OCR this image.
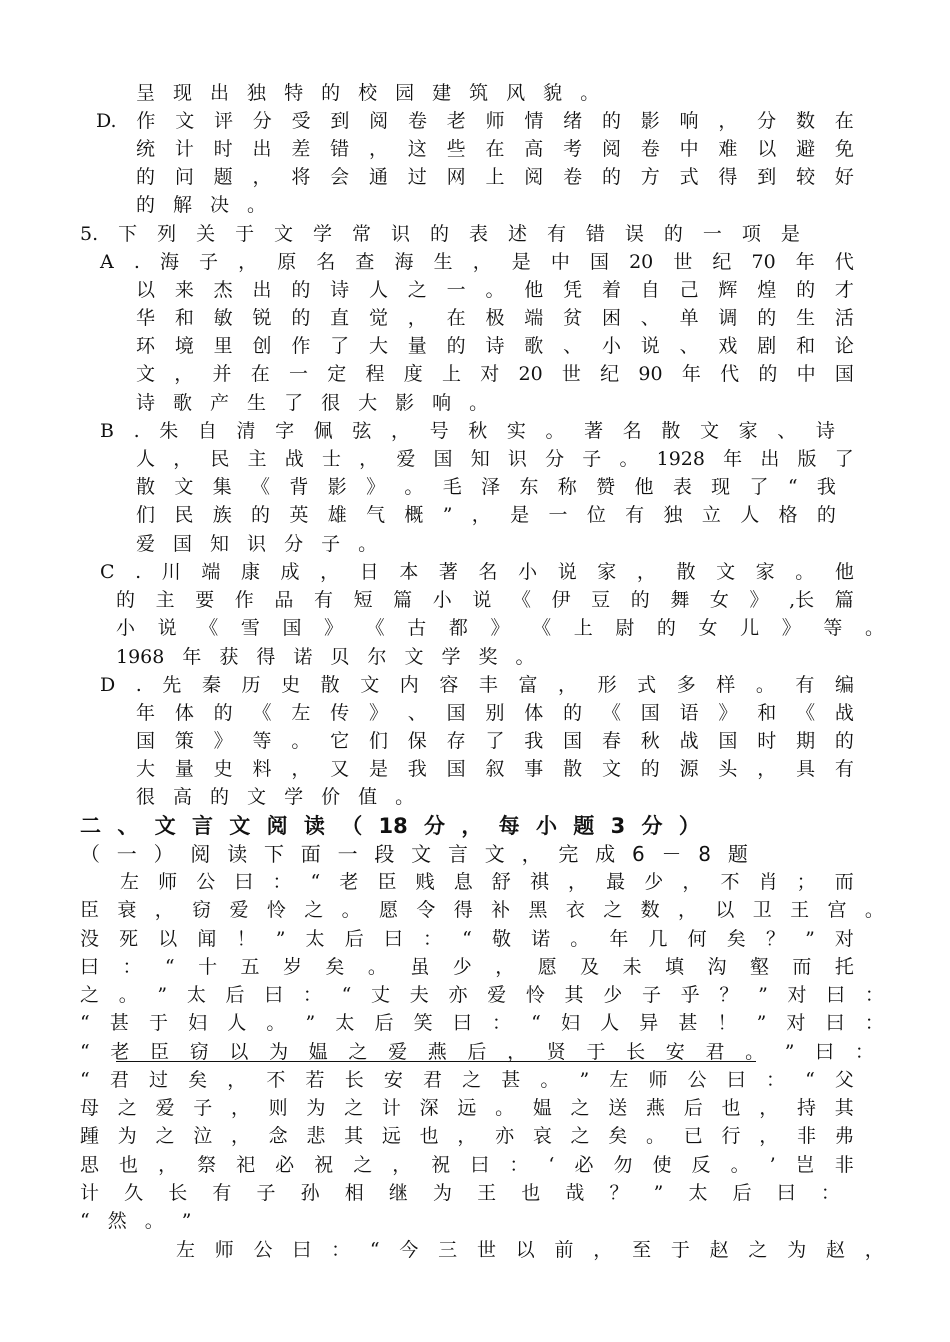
呈 现 出 独 特 的 校 园 建 筑 风 貌 。
D. 作 文 评 分 受 到 阅 卷 老 师 情 绪 的 影 响 ， 分 数 在
统 计 时 出 差 错 ， 这 些 在 高 考 阅 卷 中 难 以 避 免
的 问 题 ， 将 会 通 过 网 上 阅 卷 的 方 式 得 到 较 好
的 解 决 。
5. 下 列 关 于 文 学 常 识 的 表 述 有 错 误 的 一 项 是
A . 海 子 ， 原 名 查 海 生 ， 是 中 国 20 世 纪 70 年 代
以 来 杰 出 的 诗 人 之 一 。 他 凭 着 自 己 辉 煌 的 才
华 和 敏 锐 的 直 觉 ， 在 极 端 贫 困 、 单 调 的 生 活
环 境 里 创 作 了 大 量 的 诗 歌 、 小 说 、 戏 剧 和 论
文 ， 并 在 一 定 程 度 上 对 20 世 纪 90 年 代 的 中 国
诗 歌 产 生 了 很 大 影 响 。
B . 朱 自 清 字 佩 弦 ， 号 秋 实 。 著 名 散 文 家 、 诗
人 ， 民 主 战 士 ， 爱 国 知 识 分 子 。 1928 年 出 版 了
散 文 集 《 背 影 》 。 毛 泽 东 称 赞 他 表 现 了 “ 我
们 民 族 的 英 雄 气 概 ” ， 是 一 位 有 独 立 人 格 的
爱 国 知 识 分 子 。
C . 川 端 康 成 ， 日 本 著 名 小 说 家 ， 散 文 家 。 他
的 主 要 作 品 有 短 篇 小 说 《 伊 豆 的 舞 女 》 ,长 篇
小 说 《 雪 国 》 《 古 都 》 《 上 尉 的 女 儿 》 等 。
1968 年 获 得 诺 贝 尔 文 学 奖 。
D . 先 秦 历 史 散 文 内 容 丰 富 ， 形 式 多 样 。 有 编
年 体 的 《 左 传 》 、 国 别 体 的 《 国 语 》 和 《 战
国 策 》 等 。 它 们 保 存 了 我 国 春 秋 战 国 时 期 的
大 量 史 料 ， 又 是 我 国 叙 事 散 文 的 源 头 ， 具 有
很 高 的 文 学 价 值 。
二 、 文 言 文 阅 读 （ 18 分 ， 每 小 题 3 分 ）
（ 一 ） 阅 读 下 面 一 段 文 言 文 ， 完 成 6 － 8 题
左 师 公 曰 ： “ 老 臣 贱 息 舒 祺 ， 最 少 ， 不 肖 ； 而
臣 衰 ， 窃 爱 怜 之 。 愿 令 得 补 黑 衣 之 数 ， 以 卫 王 宫 。
没 死 以 闻 ！ ” 太 后 曰 ： “ 敬 诺 。 年 几 何 矣 ？ ” 对
曰 ： “ 十 五 岁 矣 。 虽 少 ， 愿 及 未 填 沟 壑 而 托
之 。 ” 太 后 曰 ： “ 丈 夫 亦 爱 怜 其 少 子 乎 ？ ” 对 曰 ：
“ 甚 于 妇 人 。 ” 太 后 笑 曰 ： “ 妇 人 异 甚 ！ ” 对 曰 ：
“ 老 臣 窃 以 为 媪 之 爱 燕 后 ， 贤 于 长 安 君 。 ” 曰 ：
“ 君 过 矣 ， 不 若 长 安 君 之 甚 。 ” 左 师 公 曰 ： “ 父
母 之 爱 子 ， 则 为 之 计 深 远 。 媪 之 送 燕 后 也 ， 持 其
踵 为 之 泣 ， 念 悲 其 远 也 ， 亦 哀 之 矣 。 已 行 ， 非 弗
思 也 ， 祭 祀 必 祝 之 ， 祝 曰 ： ‘ 必 勿 使 反 。 ’ 岂 非
计 久 长 有 子 孙 相 继 为 王 也 哉 ？ ” 太 后 曰 ：
“ 然 。 ”
左 师 公 曰 ： “ 今 三 世 以 前 ， 至 于 赵 之 为 赵 ，
